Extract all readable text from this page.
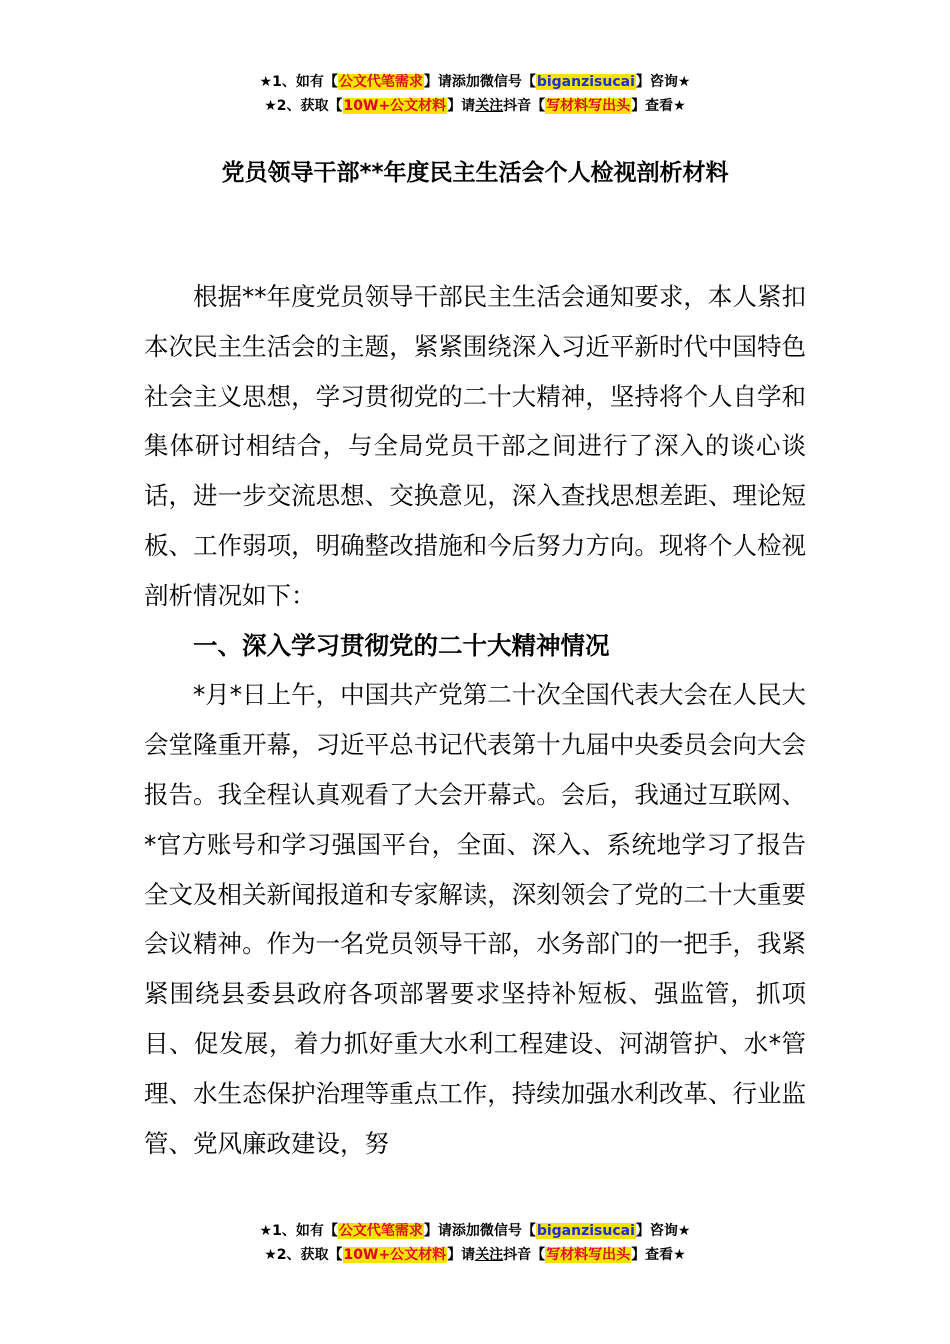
★1、如有【公文代笔需求】请添加微信号【biganzisucai】咨询★
★2、获取【10W+公文材料】请关注抖音【写材料写出头】查看★
党员领导干部**年度民主生活会个人检视剖析材料

根据**年度党员领导干部民主生活会通知要求，本人紧扣本次民主生活会的主题，紧紧围绕深入习近平新时代中国特色社会主义思想，学习贯彻党的二十大精神，坚持将个人自学和集体研讨相结合，与全局党员干部之间进行了深入的谈心谈话，进一步交流思想、交换意见，深入查找思想差距、理论短板、工作弱项，明确整改措施和今后努力方向。现将个人检视剖析情况如下：

一、深入学习贯彻党的二十大精神情况

*月*日上午，中国共产党第二十次全国代表大会在人民大会堂隆重开幕，习近平总书记代表第十九届中央委员会向大会报告。我全程认真观看了大会开幕式。会后，我通过互联网、*官方账号和学习强国平台，全面、深入、系统地学习了报告全文及相关新闻报道和专家解读，深刻领会了党的二十大重要会议精神。作为一名党员领导干部，水务部门的一把手，我紧紧围绕县委县政府各项部署要求坚持补短板、强监管，抓项目、促发展，着力抓好重大水利工程建设、河湖管护、水*管理、水生态保护治理等重点工作，持续加强水利改革、行业监管、党风廉政建设，努

★1、如有【公文代笔需求】请添加微信号【biganzisucai】咨询★
★2、获取【10W+公文材料】请关注抖音【写材料写出头】查看★
